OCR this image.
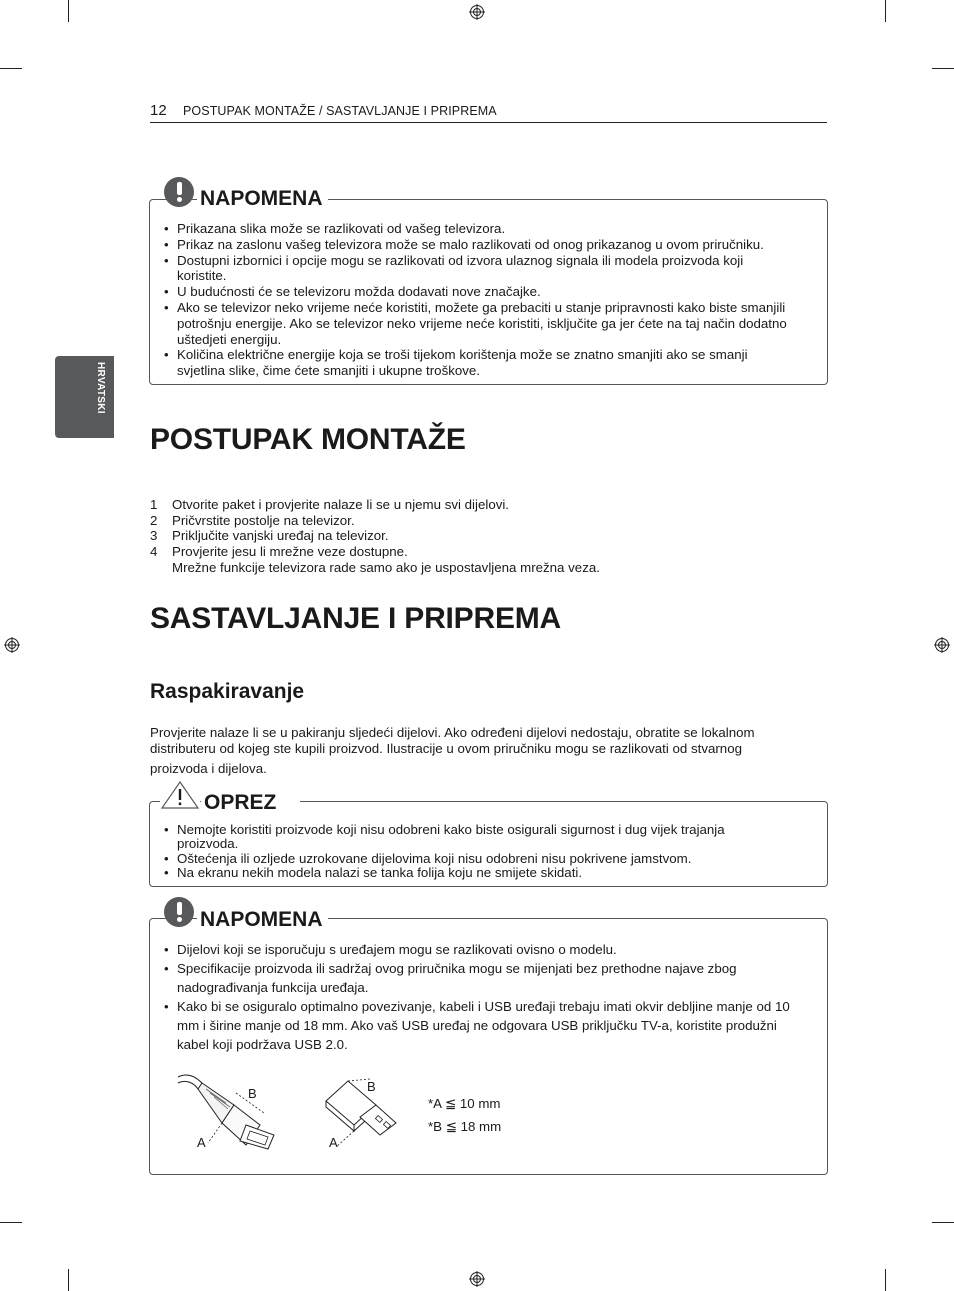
12 POSTUPAK MONTAŽE / SASTAVLJANJE I PRIPREMA
HRVATSKI
NAPOMENA
• Prikazana slika može se razlikovati od vašeg televizora.
• Prikaz na zaslonu vašeg televizora može se malo razlikovati od onog prikazanog u ovom priručniku.
• Dostupni izbornici i opcije mogu se razlikovati od izvora ulaznog signala ili modela proizvoda koji koristite.
• U budućnosti će se televizoru možda dodavati nove značajke.
• Ako se televizor neko vrijeme neće koristiti, možete ga prebaciti u stanje pripravnosti kako biste smanjili potrošnju energije. Ako se televizor neko vrijeme neće koristiti, isključite ga jer ćete na taj način dodatno uštedjeti energiju.
• Količina električne energije koja se troši tijekom korištenja može se znatno smanjiti ako se smanji svjetlina slike, čime ćete smanjiti i ukupne troškove.
POSTUPAK MONTAŽE
1 Otvorite paket i provjerite nalaze li se u njemu svi dijelovi.
2 Pričvrstite postolje na televizor.
3 Priključite vanjski uređaj na televizor.
4 Provjerite jesu li mrežne veze dostupne.
Mrežne funkcije televizora rade samo ako je uspostavljena mrežna veza.
SASTAVLJANJE I PRIPREMA
Raspakiravanje
Provjerite nalaze li se u pakiranju sljedeći dijelovi. Ako određeni dijelovi nedostaju, obratite se lokalnom
distributeru od kojeg ste kupili proizvod. Ilustracije u ovom priručniku mogu se razlikovati od stvarnog
proizvoda i dijelova.
OPREZ
• Nemojte koristiti proizvode koji nisu odobreni kako biste osigurali sigurnost i dug vijek trajanja proizvoda.
• Oštećenja ili ozljede uzrokovane dijelovima koji nisu odobreni nisu pokrivene jamstvom.
• Na ekranu nekih modela nalazi se tanka folija koju ne smijete skidati.
NAPOMENA
• Dijelovi koji se isporučuju s uređajem mogu se razlikovati ovisno o modelu.
• Specifikacije proizvoda ili sadržaj ovog priručnika mogu se mijenjati bez prethodne najave zbog nadograđivanja funkcija uređaja.
• Kako bi se osiguralo optimalno povezivanje, kabeli i USB uređaji trebaju imati okvir debljine manje od 10 mm i širine manje od 18 mm. Ako vaš USB uređaj ne odgovara USB priključku TV-a, koristite produžni kabel koji podržava USB 2.0.
B
A
B
A
*A ≦ 10 mm
*B ≦ 18 mm
